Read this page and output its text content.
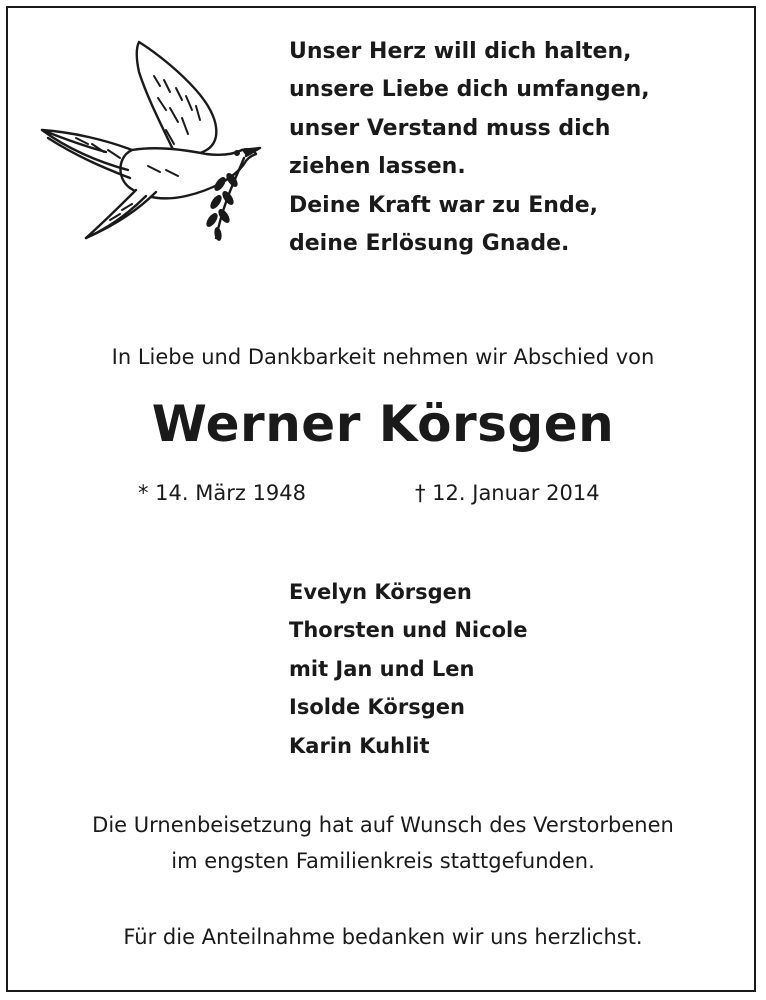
Unser Herz will dich halten,
unsere Liebe dich umfangen,
unser Verstand muss dich
ziehen lassen.
Deine Kraft war zu Ende,
deine Erlösung Gnade.
In Liebe und Dankbarkeit nehmen wir Abschied von
Werner Körsgen
* 14. März 1948	† 12. Januar 2014
Evelyn Körsgen
Thorsten und Nicole
mit Jan und Len
Isolde Körsgen
Karin Kuhlit
Die Urnenbeisetzung hat auf Wunsch des Verstorbenen
im engsten Familienkreis stattgefunden.
Für die Anteilnahme bedanken wir uns herzlichst.
